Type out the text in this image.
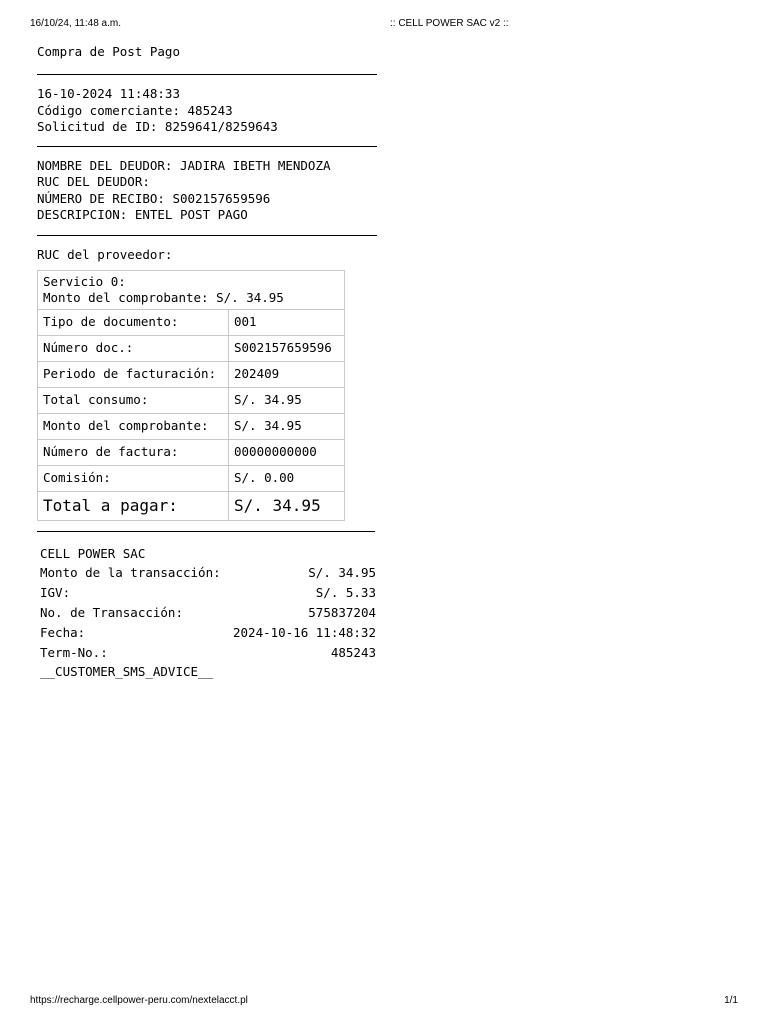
16/10/24, 11:48 a.m.	:: CELL POWER SAC v2 ::
Compra de Post Pago
16-10-2024 11:48:33
Código comerciante: 485243
Solicitud de ID: 8259641/8259643
NOMBRE DEL DEUDOR: JADIRA IBETH MENDOZA
RUC DEL DEUDOR:
NÚMERO DE RECIBO: S002157659596
DESCRIPCION: ENTEL POST PAGO
RUC del proveedor:
Servicio 0:
Monto del comprobante: S/. 34.95	

Tipo de documento:	001
Número doc.:	S002157659596
Periodo de facturación:	202409
Total consumo:	S/. 34.95
Monto del comprobante:	S/. 34.95
Número de factura:	00000000000
Comisión:	S/. 0.00
Total a pagar:	S/. 34.95
CELL POWER SAC
Monto de la transacción:	S/. 34.95
IGV:	S/. 5.33
No. de Transacción:	575837204
Fecha:	2024-10-16 11:48:32
Term-No.:	485243
__CUSTOMER_SMS_ADVICE__
https://recharge.cellpower-peru.com/nextelacct.pl	1/1
